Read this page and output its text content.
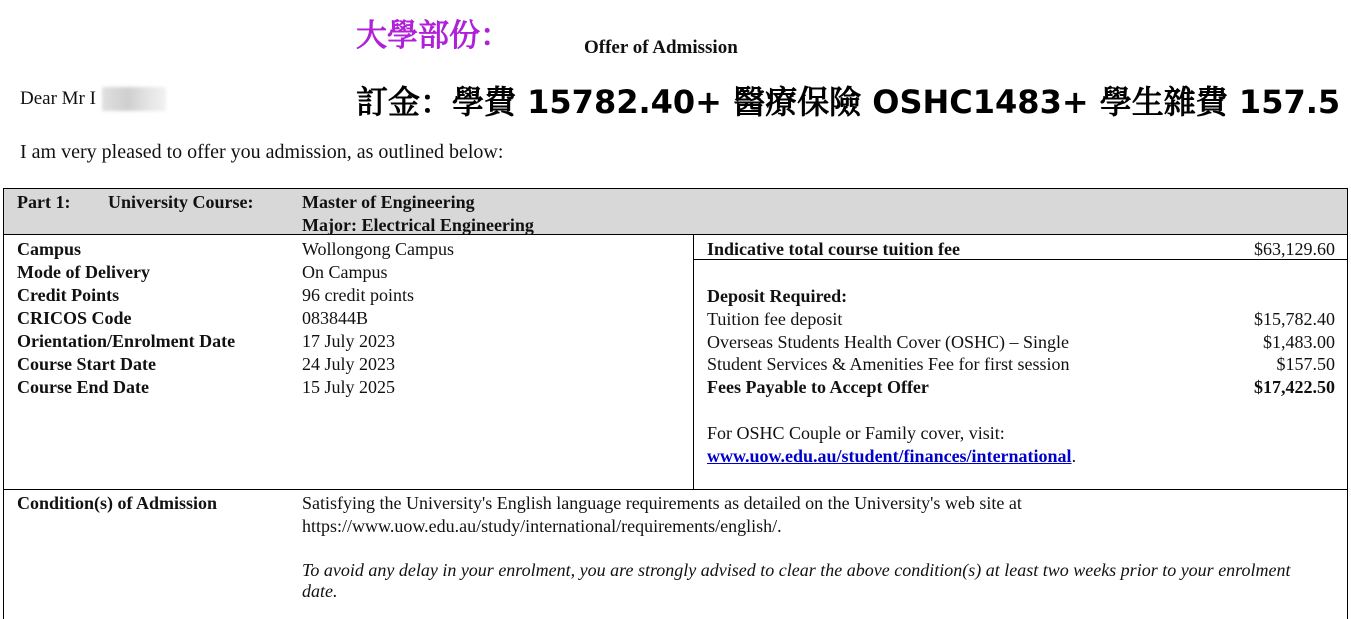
大學部份：	Offer of Admission
Dear Mr I	訂金：學費 15782.40+ 醫療保險 OSHC1483+ 學生雜費 157.5
I am very pleased to offer you admission, as outlined below:
Part 1: University Course:	Master of Engineering
Major: Electrical Engineering
Campus	Wollongong Campus
Mode of Delivery	On Campus
Credit Points	96 credit points
CRICOS Code	083844B
Orientation/Enrolment Date	17 July 2023
Course Start Date	24 July 2023
Course End Date	15 July 2025
Indicative total course tuition fee	$63,129.60
Deposit Required:
Tuition fee deposit	$15,782.40
Overseas Students Health Cover (OSHC) – Single	$1,483.00
Student Services & Amenities Fee for first session	$157.50
Fees Payable to Accept Offer	$17,422.50
For OSHC Couple or Family cover, visit:
www.uow.edu.au/student/finances/international.
Condition(s) of Admission	Satisfying the University's English language requirements as detailed on the University's web site at
https://www.uow.edu.au/study/international/requirements/english/.
To avoid any delay in your enrolment, you are strongly advised to clear the above condition(s) at least two weeks prior to your enrolment
date.
